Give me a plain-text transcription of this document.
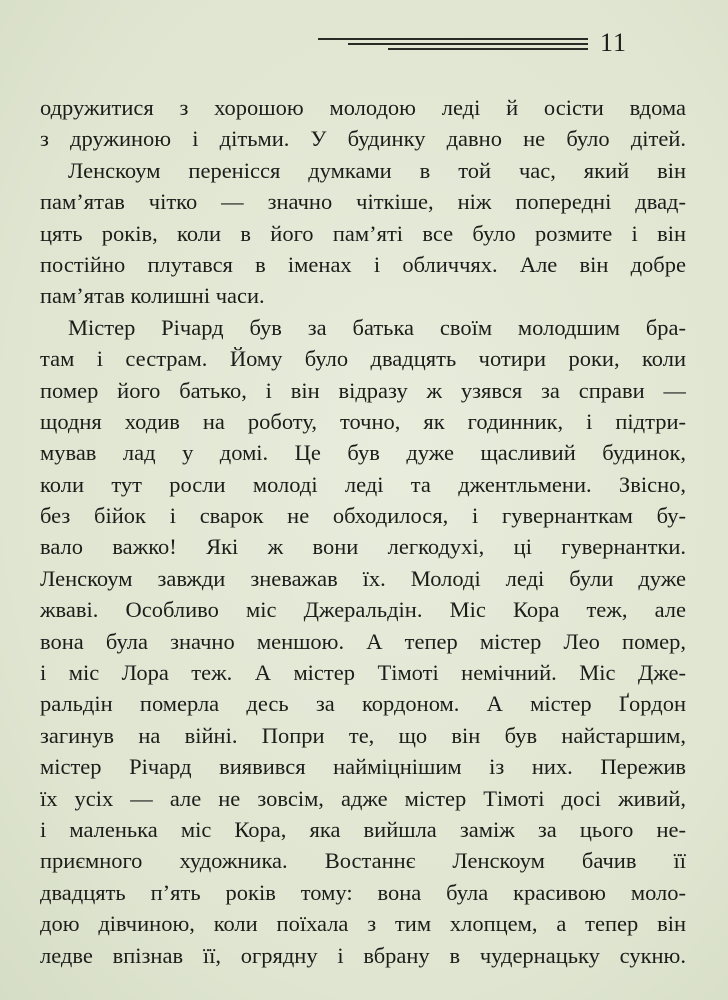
11
одружитися з хорошою молодою леді й осісти вдома
з дружиною і дітьми. У будинку давно не було дітей.
Ленскоум перенісся думками в той час, який він
пам’ятав чітко — значно чіткіше, ніж попередні двад-
цять років, коли в його пам’яті все було розмите і він
постійно плутався в іменах і обличчях. Але він добре
пам’ятав колишні часи.
Містер Річард був за батька своїм молодшим бра-
там і сестрам. Йому було двадцять чотири роки, коли
помер його батько, і він відразу ж узявся за справи —
щодня ходив на роботу, точно, як годинник, і підтри-
мував лад у домі. Це був дуже щасливий будинок,
коли тут росли молоді леді та джентльмени. Звісно,
без бійок і сварок не обходилося, і гувернанткам бу-
вало важко! Які ж вони легкодухі, ці гувернантки.
Ленскоум завжди зневажав їх. Молоді леді були дуже
жваві. Особливо міс Джеральдін. Міс Кора теж, але
вона була значно меншою. А тепер містер Лео помер,
і міс Лора теж. А містер Тімоті немічний. Міс Дже-
ральдін померла десь за кордоном. А містер Ґордон
загинув на війні. Попри те, що він був найстаршим,
містер Річард виявився найміцнішим із них. Пережив
їх усіх — але не зовсім, адже містер Тімоті досі живий,
і маленька міс Кора, яка вийшла заміж за цього не-
приємного художника. Востаннє Ленскоум бачив її
двадцять п’ять років тому: вона була красивою моло-
дою дівчиною, коли поїхала з тим хлопцем, а тепер він
ледве впізнав її, огрядну і вбрану в чудернацьку сукню.
